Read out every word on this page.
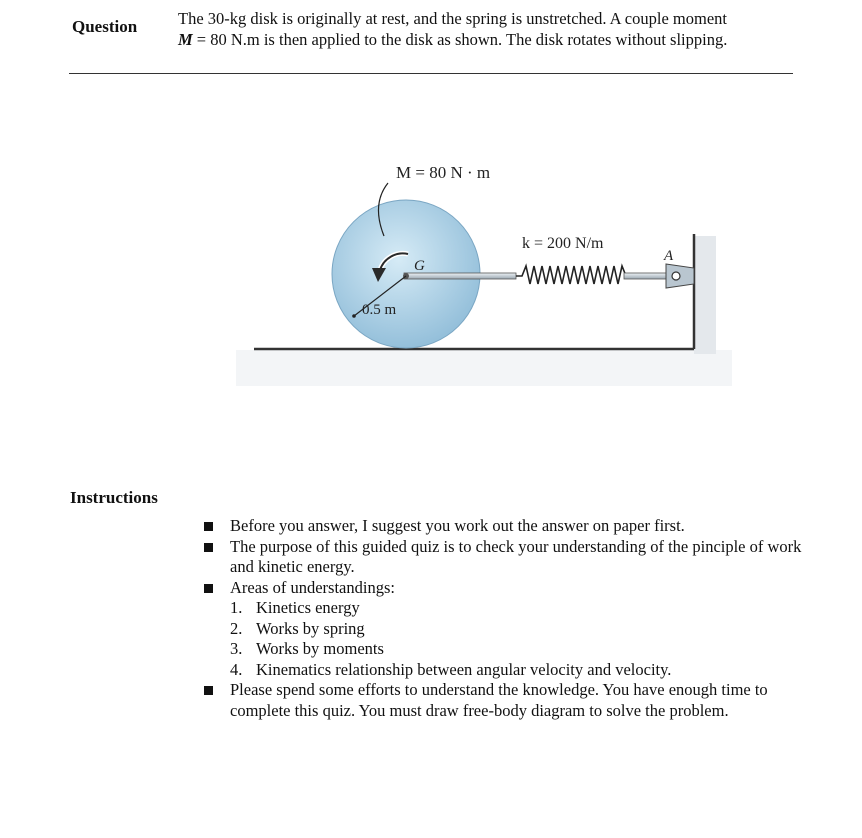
Question The 30-kg disk is originally at rest, and the spring is unstretched. A couple moment
M = 80 N.m is then applied to the disk as shown. The disk rotates without slipping.
M = 80 N · m
k = 200 N/m
G
A
0.5 m
Instructions
Before you answer, I suggest you work out the answer on paper first.
The purpose of this guided quiz is to check your understanding of the pinciple of work and kinetic energy.
Areas of understandings:
1. Kinetics energy
2. Works by spring
3. Works by moments
4. Kinematics relationship between angular velocity and velocity.
Please spend some efforts to understand the knowledge. You have enough time to complete this quiz. You must draw free-body diagram to solve the problem.
